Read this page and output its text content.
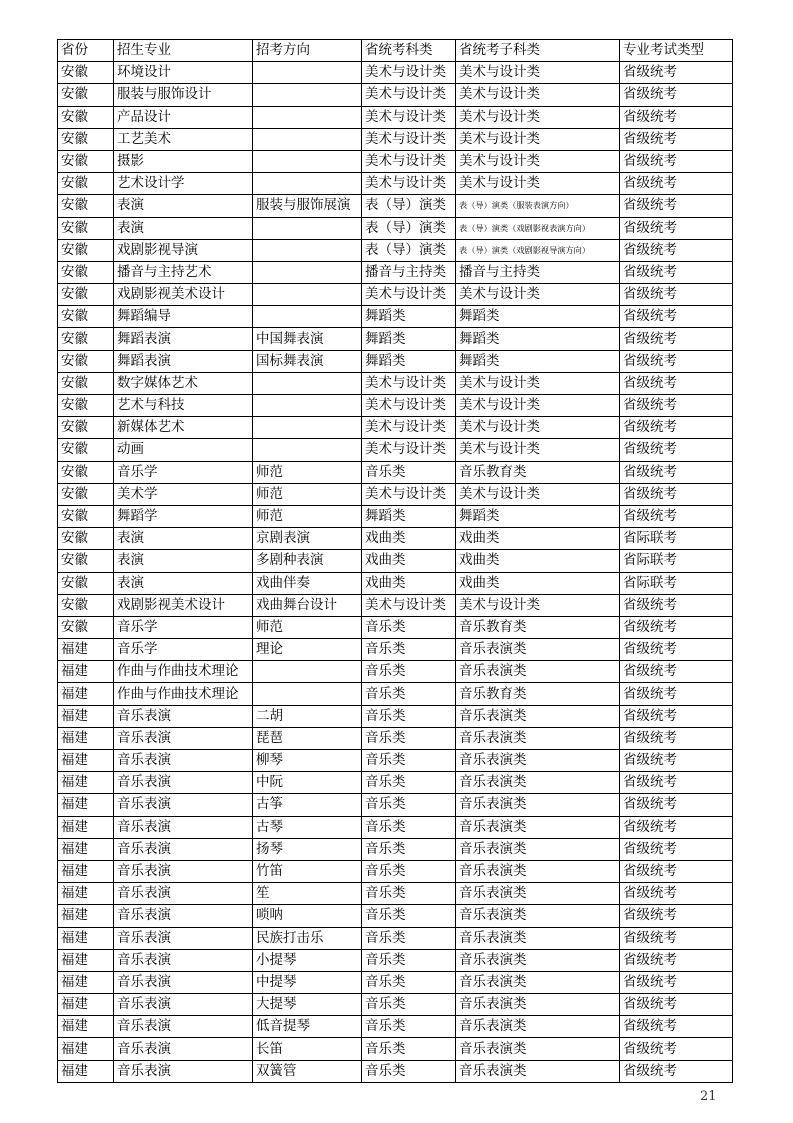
省份	招生专业	招考方向	省统考科类	省统考子科类	专业考试类型
安徽	环境设计		美术与设计类	美术与设计类	省级统考
安徽	服装与服饰设计		美术与设计类	美术与设计类	省级统考
安徽	产品设计		美术与设计类	美术与设计类	省级统考
安徽	工艺美术		美术与设计类	美术与设计类	省级统考
安徽	摄影		美术与设计类	美术与设计类	省级统考
安徽	艺术设计学		美术与设计类	美术与设计类	省级统考
安徽	表演	服装与服饰展演	表（导）演类	表（导）演类（服装表演方向）	省级统考
安徽	表演		表（导）演类	表（导）演类（戏剧影视表演方向）	省级统考
安徽	戏剧影视导演		表（导）演类	表（导）演类（戏剧影视导演方向）	省级统考
安徽	播音与主持艺术		播音与主持类	播音与主持类	省级统考
安徽	戏剧影视美术设计		美术与设计类	美术与设计类	省级统考
安徽	舞蹈编导		舞蹈类	舞蹈类	省级统考
安徽	舞蹈表演	中国舞表演	舞蹈类	舞蹈类	省级统考
安徽	舞蹈表演	国标舞表演	舞蹈类	舞蹈类	省级统考
安徽	数字媒体艺术		美术与设计类	美术与设计类	省级统考
安徽	艺术与科技		美术与设计类	美术与设计类	省级统考
安徽	新媒体艺术		美术与设计类	美术与设计类	省级统考
安徽	动画		美术与设计类	美术与设计类	省级统考
安徽	音乐学	师范	音乐类	音乐教育类	省级统考
安徽	美术学	师范	美术与设计类	美术与设计类	省级统考
安徽	舞蹈学	师范	舞蹈类	舞蹈类	省级统考
安徽	表演	京剧表演	戏曲类	戏曲类	省际联考
安徽	表演	多剧种表演	戏曲类	戏曲类	省际联考
安徽	表演	戏曲伴奏	戏曲类	戏曲类	省际联考
安徽	戏剧影视美术设计	戏曲舞台设计	美术与设计类	美术与设计类	省级统考
安徽	音乐学	师范	音乐类	音乐教育类	省级统考
福建	音乐学	理论	音乐类	音乐表演类	省级统考
福建	作曲与作曲技术理论		音乐类	音乐表演类	省级统考
福建	作曲与作曲技术理论		音乐类	音乐教育类	省级统考
福建	音乐表演	二胡	音乐类	音乐表演类	省级统考
福建	音乐表演	琵琶	音乐类	音乐表演类	省级统考
福建	音乐表演	柳琴	音乐类	音乐表演类	省级统考
福建	音乐表演	中阮	音乐类	音乐表演类	省级统考
福建	音乐表演	古筝	音乐类	音乐表演类	省级统考
福建	音乐表演	古琴	音乐类	音乐表演类	省级统考
福建	音乐表演	扬琴	音乐类	音乐表演类	省级统考
福建	音乐表演	竹笛	音乐类	音乐表演类	省级统考
福建	音乐表演	笙	音乐类	音乐表演类	省级统考
福建	音乐表演	唢呐	音乐类	音乐表演类	省级统考
福建	音乐表演	民族打击乐	音乐类	音乐表演类	省级统考
福建	音乐表演	小提琴	音乐类	音乐表演类	省级统考
福建	音乐表演	中提琴	音乐类	音乐表演类	省级统考
福建	音乐表演	大提琴	音乐类	音乐表演类	省级统考
福建	音乐表演	低音提琴	音乐类	音乐表演类	省级统考
福建	音乐表演	长笛	音乐类	音乐表演类	省级统考
福建	音乐表演	双簧管	音乐类	音乐表演类	省级统考
21
